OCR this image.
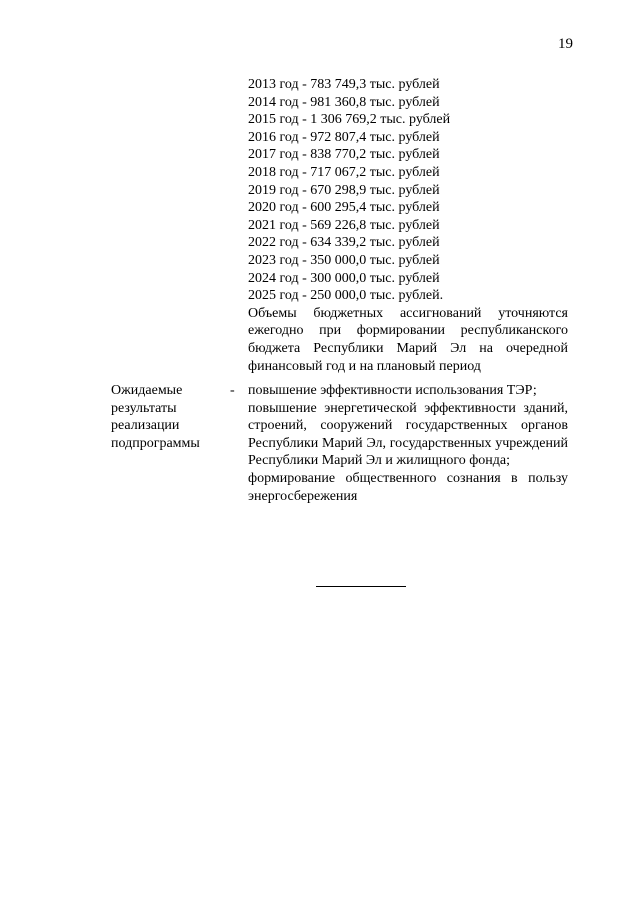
19
2013 год - 783 749,3 тыс. рублей
2014 год - 981 360,8 тыс. рублей
2015 год - 1 306 769,2 тыс. рублей
2016 год - 972 807,4 тыс. рублей
2017 год - 838 770,2 тыс. рублей
2018 год - 717 067,2 тыс. рублей
2019 год - 670 298,9 тыс. рублей
2020 год - 600 295,4 тыс. рублей
2021 год - 569 226,8 тыс. рублей
2022 год - 634 339,2 тыс. рублей
2023 год - 350 000,0 тыс. рублей
2024 год - 300 000,0 тыс. рублей
2025 год - 250 000,0 тыс. рублей.
Объемы бюджетных ассигнований уточняются ежегодно при формировании республиканского бюджета Республики Марий Эл на очередной финансовый год и на плановый период
Ожидаемые результаты реализации подпрограммы
- повышение эффективности использования ТЭР;
повышение энергетической эффективности зданий, строений, сооружений государственных органов Республики Марий Эл, государственных учреждений Республики Марий Эл и жилищного фонда;
формирование общественного сознания в пользу энергосбережения
